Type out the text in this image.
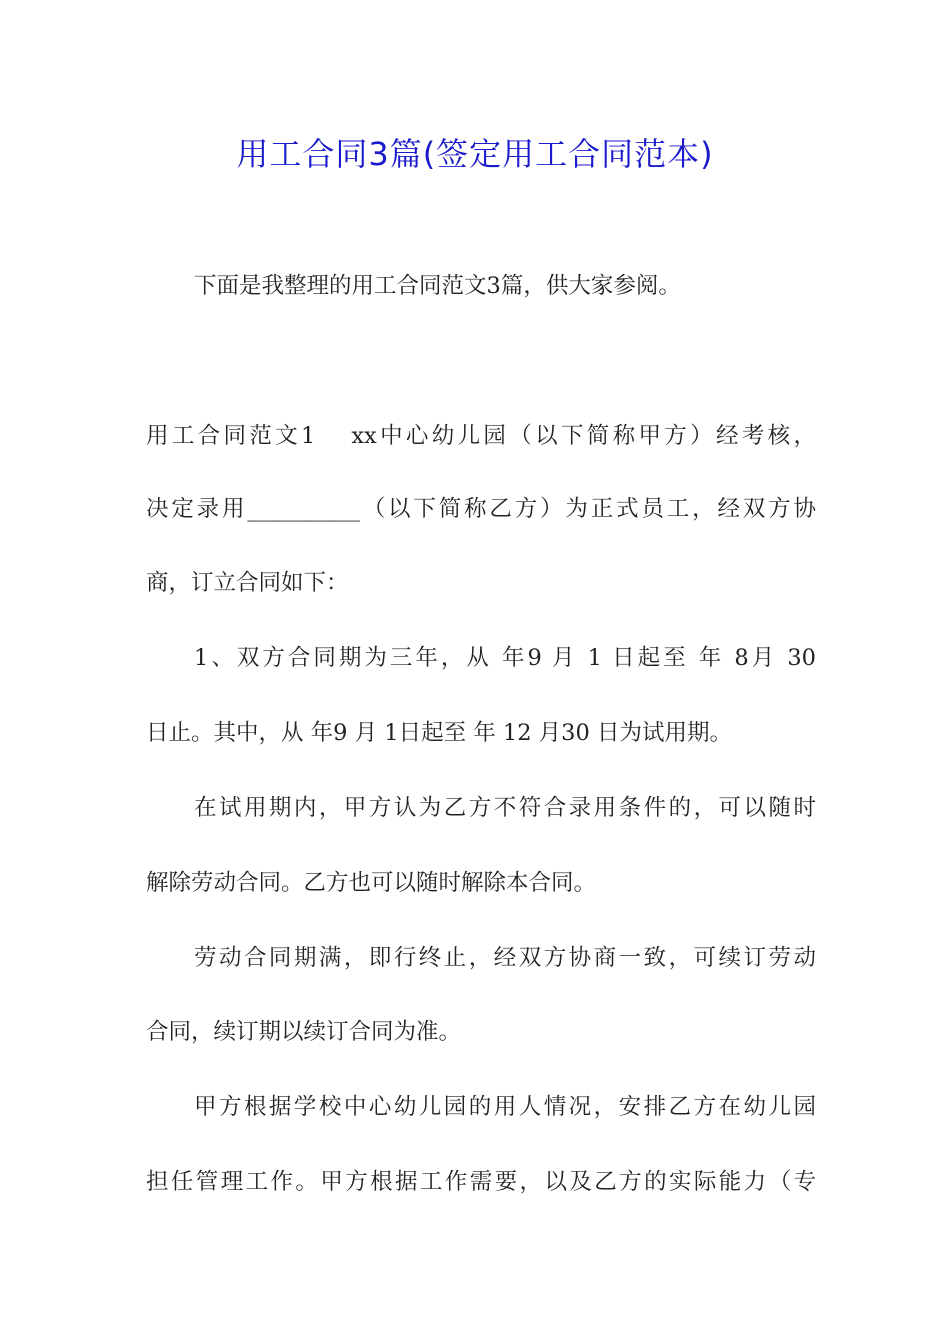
用工合同3篇(签定用工合同范本)
下面是我整理的用工合同范文3篇，供大家参阅。
用工合同范文1 xx中心幼儿园（以下简称甲方）经考核，
决定录用__________（以下简称乙方）为正式员工，经双方协
商，订立合同如下：
1、双方合同期为三年，从 年9 月 1 日起至 年 8月 30
日止。其中，从 年9 月 1日起至 年 12 月30 日为试用期。
在试用期内，甲方认为乙方不符合录用条件的，可以随时
解除劳动合同。乙方也可以随时解除本合同。
劳动合同期满，即行终止，经双方协商一致，可续订劳动
合同，续订期以续订合同为准。
甲方根据学校中心幼儿园的用人情况，安排乙方在幼儿园
担任管理工作。甲方根据工作需要，以及乙方的实际能力（专
